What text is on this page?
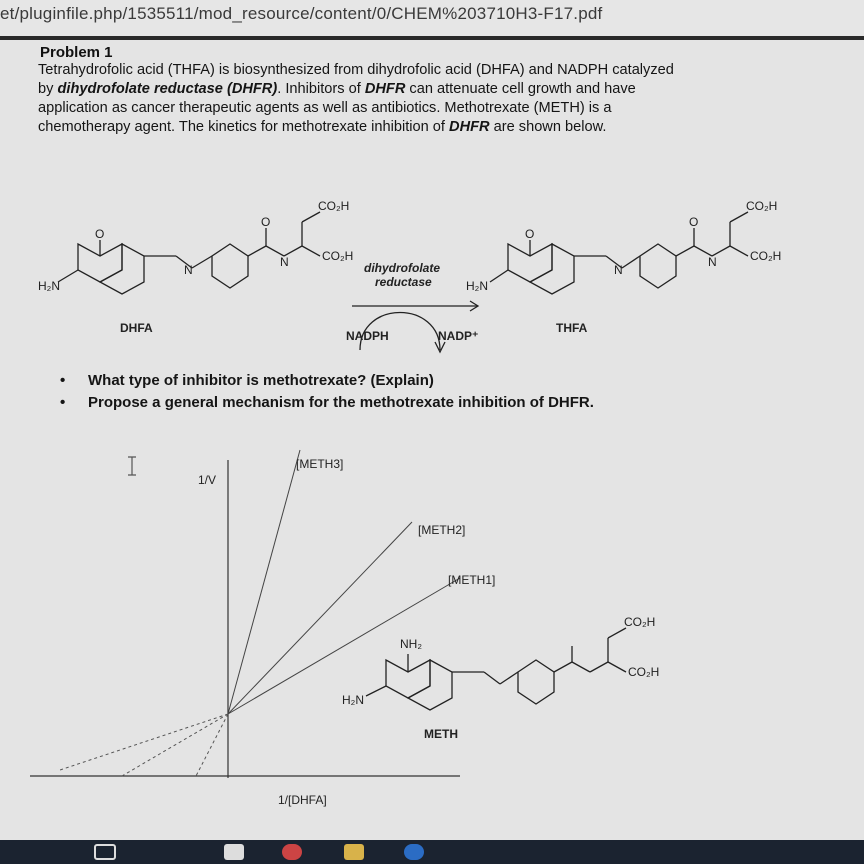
et/pluginfile.php/1535511/mod_resource/content/0/CHEM%203710H3-F17.pdf
Problem 1
Tetrahydrofolic acid (THFA) is biosynthesized from dihydrofolic acid (DHFA) and NADPH catalyzed
by dihydrofolate reductase (DHFR). Inhibitors of DHFR can attenuate cell growth and have
application as cancer therapeutic agents as well as antibiotics. Methotrexate (METH) is a
chemotherapy agent. The kinetics for methotrexate inhibition of DHFR are shown below.
O
H₂N
N
O
N
CO₂H
CO₂H
DHFA
dihydrofolate
reductase
NADPH	NADP⁺
O
H₂N
N
O
N
CO₂H
CO₂H
THFA
• What type of inhibitor is methotrexate? (Explain)
• Propose a general mechanism for the methotrexate inhibition of DHFR.
1/V
1/[DHFA]
[METH3]
[METH2]
[METH1]
NH₂
H₂N
CO₂H
CO₂H
METH
